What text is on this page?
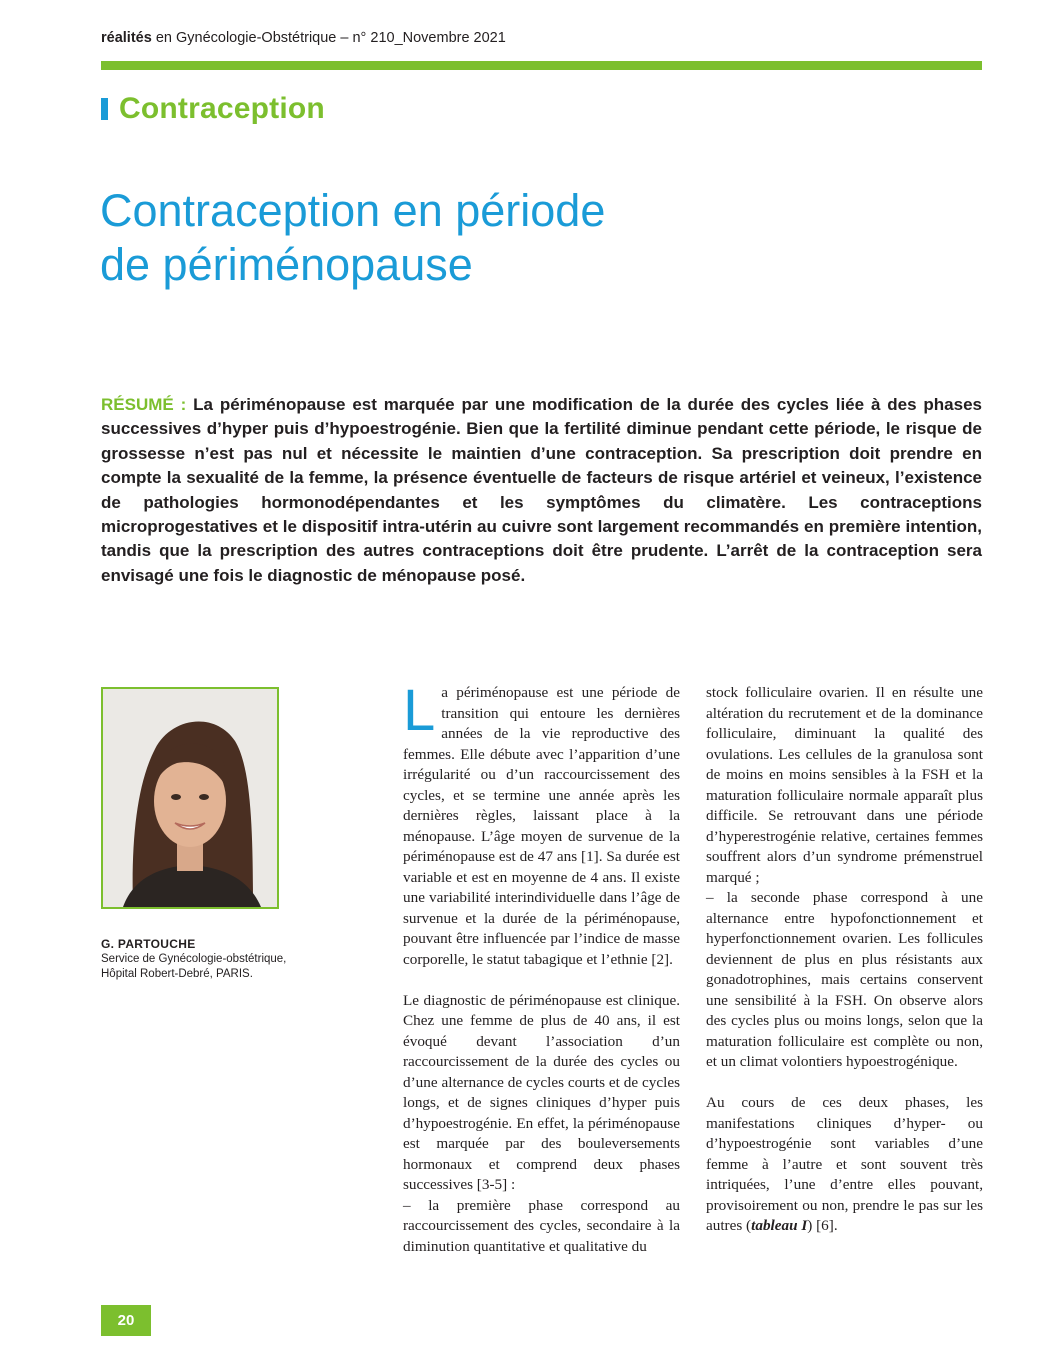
réalités en Gynécologie-Obstétrique – n° 210_Novembre 2021
Contraception
Contraception en période
de périménopause

RÉSUMÉ : La périménopause est marquée par une modification de la durée des cycles liée à des phases successives d’hyper puis d’hypoestrogénie. Bien que la fertilité diminue pendant cette période, le risque de grossesse n’est pas nul et nécessite le maintien d’une contraception. Sa prescription doit prendre en compte la sexualité de la femme, la présence éventuelle de facteurs de risque artériel et veineux, l’existence de pathologies hormonodépendantes et les symptômes du climatère. Les contraceptions microprogestatives et le dispositif intra-utérin au cuivre sont largement recommandés en première intention, tandis que la prescription des autres contraceptions doit être prudente. L’arrêt de la contraception sera envisagé une fois le diagnostic de ménopause posé.

G. PARTOUCHE
Service de Gynécologie-obstétrique,
Hôpital Robert-Debré, PARIS.

La périménopause est une période de transition qui entoure les dernières années de la vie reproductive des femmes. Elle débute avec l’apparition d’une irrégularité ou d’un raccourcissement des cycles, et se termine une année après les dernières règles, laissant place à la ménopause. L’âge moyen de survenue de la périménopause est de 47 ans [1]. Sa durée est variable et est en moyenne de 4 ans. Il existe une variabilité interindividuelle dans l’âge de survenue et la durée de la périménopause, pouvant être influencée par l’indice de masse corporelle, le statut tabagique et l’ethnie [2].

Le diagnostic de périménopause est clinique. Chez une femme de plus de 40 ans, il est évoqué devant l’association d’un raccourcissement de la durée des cycles ou d’une alternance de cycles courts et de cycles longs, et de signes cliniques d’hyper puis d’hypoestrogénie. En effet, la périménopause est marquée par des bouleversements hormonaux et comprend deux phases successives [3-5] :

– la première phase correspond au raccourcissement des cycles, secondaire à la diminution quantitative et qualitative du

stock folliculaire ovarien. Il en résulte une altération du recrutement et de la dominance folliculaire, diminuant la qualité des ovulations. Les cellules de la granulosa sont de moins en moins sensibles à la FSH et la maturation folliculaire normale apparaît plus difficile. Se retrouvant dans une période d’hyperestrogénie relative, certaines femmes souffrent alors d’un syndrome prémenstruel marqué ;

– la seconde phase correspond à une alternance entre hypofonctionnement et hyperfonctionnement ovarien. Les follicules deviennent de plus en plus résistants aux gonadotrophines, mais certains conservent une sensibilité à la FSH. On observe alors des cycles plus ou moins longs, selon que la maturation folliculaire est complète ou non, et un climat volontiers hypoestrogénique.

Au cours de ces deux phases, les manifestations cliniques d’hyper- ou d’hypoestrogénie sont variables d’une femme à l’autre et sont souvent très intriquées, l’une d’entre elles pouvant, provisoirement ou non, prendre le pas sur les autres (tableau I) [6].

20
